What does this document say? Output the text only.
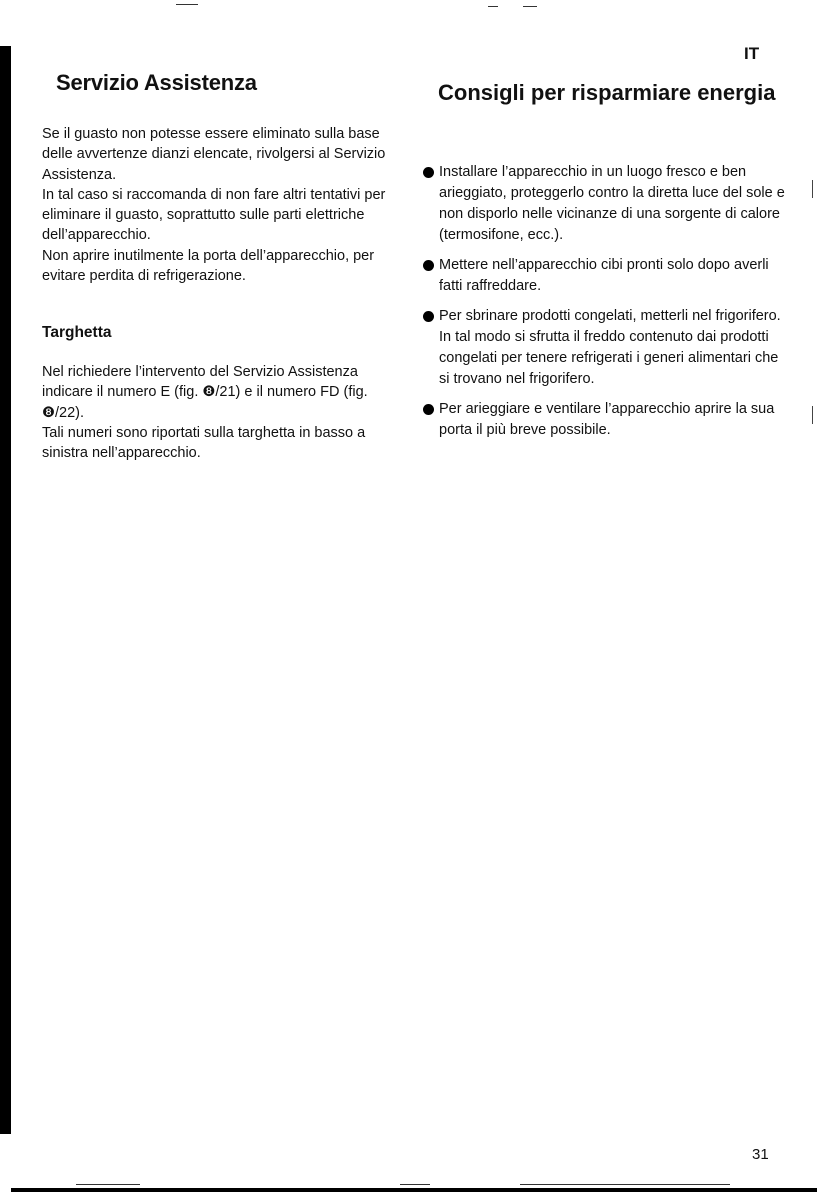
IT
Servizio Assistenza

Se il guasto non potesse essere eliminato sulla base delle avvertenze dianzi elencate, rivolgersi al Servizio Assistenza.

In tal caso si raccomanda di non fare altri tentativi per eliminare il guasto, soprattutto sulle parti elettriche dell’apparecchio.

Non aprire inutilmente la porta dell’apparecchio, per evitare perdita di refrigerazione.

Targhetta

Nel richiedere l’intervento del Servizio Assistenza indicare il numero E (fig. ❽/21) e il numero FD (fig. ❽/22).

Tali numeri sono riportati sulla targhetta in basso a sinistra nell’apparecchio.

Consigli per risparmiare energia
Installare l’apparecchio in un luogo fresco e ben arieggiato, proteggerlo contro la diretta luce del sole e non disporlo nelle vicinanze di una sorgente di calore (termosifone, ecc.).
Mettere nell’apparecchio cibi pronti solo dopo averli fatti raffreddare.
Per sbrinare prodotti congelati, metterli nel frigorifero. In tal modo si sfrutta il freddo contenuto dai prodotti congelati per tenere refrigerati i generi alimentari che si trovano nel frigorifero.
Per arieggiare e ventilare l’apparecchio aprire la sua porta il più breve possibile.
31
